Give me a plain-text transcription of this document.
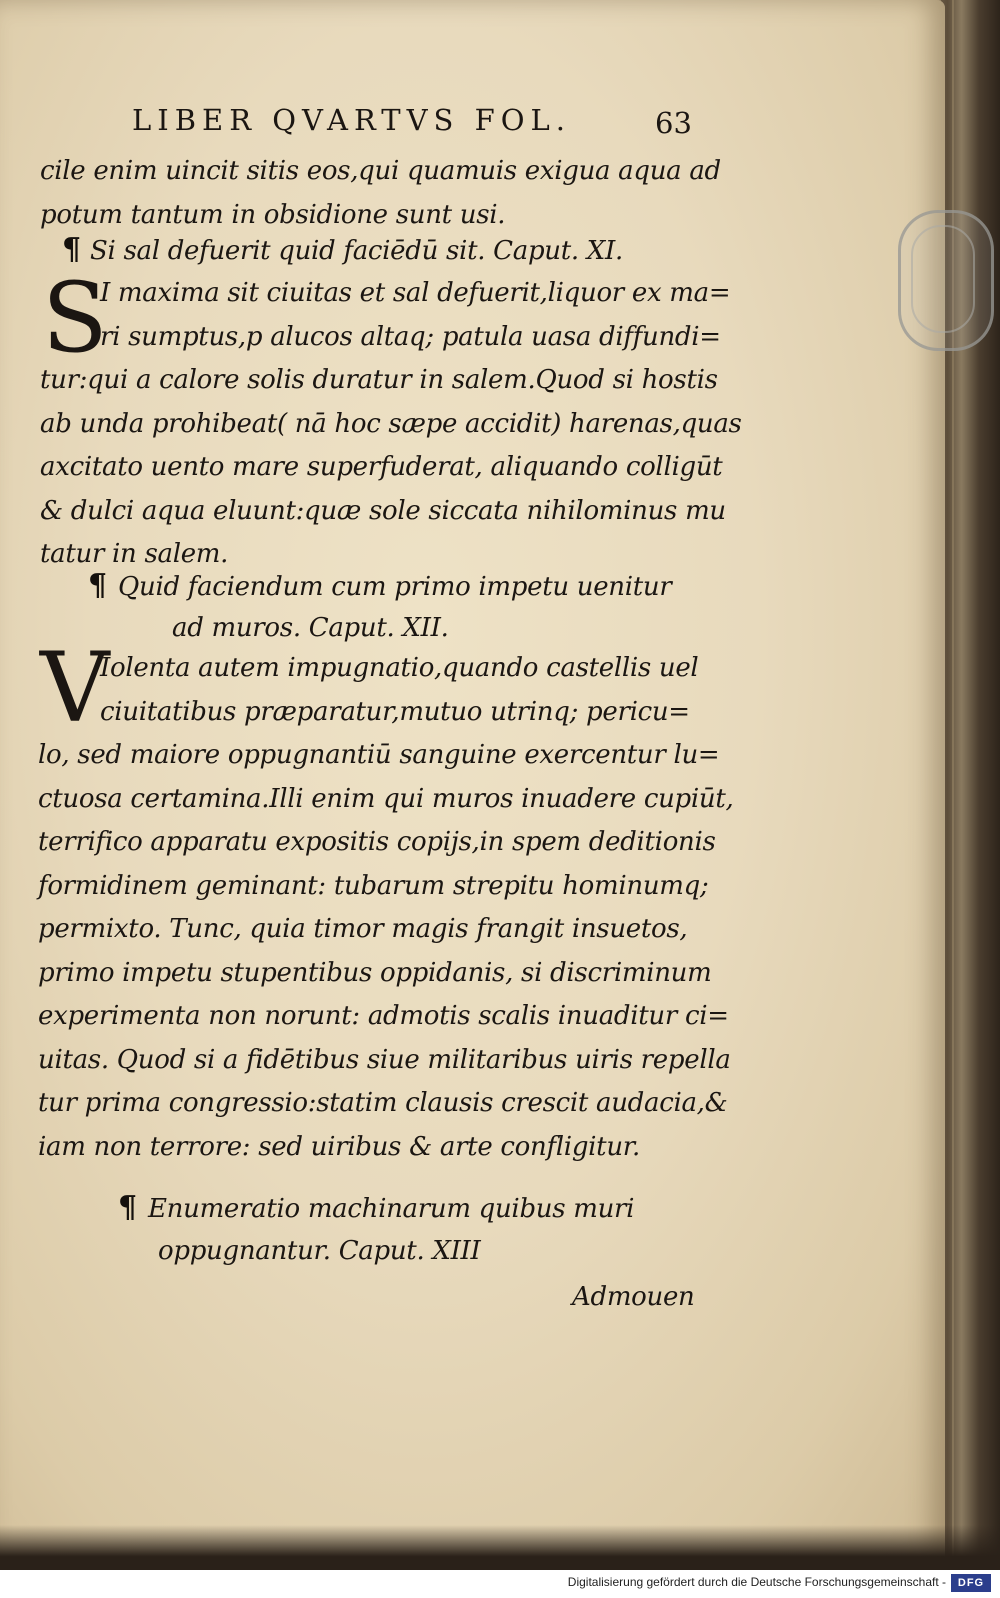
LIBER QVARTVS FOL.	63
cile enim uincit sitis eos,qui quamuis exigua aqua ad
potum tantum in obsidione sunt usi.
¶ Si sal defuerit quid faciēdū sit. Caput. XI.
S
I maxima sit ciuitas et sal defuerit,liquor ex ma=
ri sumptus,p alucos altaq; patula uasa diffundi=
tur:qui a calore solis duratur in salem.Quod si hostis
ab unda prohibeat( nā hoc sæpe accidit) harenas,quas
axcitato uento mare superfuderat, aliquando colligūt
& dulci aqua eluunt:quæ sole siccata nihilominus mu
tatur in salem.
¶ Quid faciendum cum primo impetu uenitur
ad muros. Caput. XII.
V
Iolenta autem impugnatio,quando castellis uel
ciuitatibus præparatur,mutuo utrinq; pericu=
lo, sed maiore oppugnantiū sanguine exercentur lu=
ctuosa certamina.Illi enim qui muros inuadere cupiūt,
terrifico apparatu expositis copijs,in spem deditionis
formidinem geminant: tubarum strepitu hominumq;
permixto. Tunc, quia timor magis frangit insuetos,
primo impetu stupentibus oppidanis, si discriminum
experimenta non norunt: admotis scalis inuaditur ci=
uitas. Quod si a fidētibus siue militaribus uiris repella
tur prima congressio:statim clausis crescit audacia,&
iam non terrore: sed uiribus & arte confligitur.
¶ Enumeratio machinarum quibus muri
oppugnantur. Caput. XIII
Admouen
Digitalisierung gefördert durch die Deutsche Forschungsgemeinschaft -	DFG
